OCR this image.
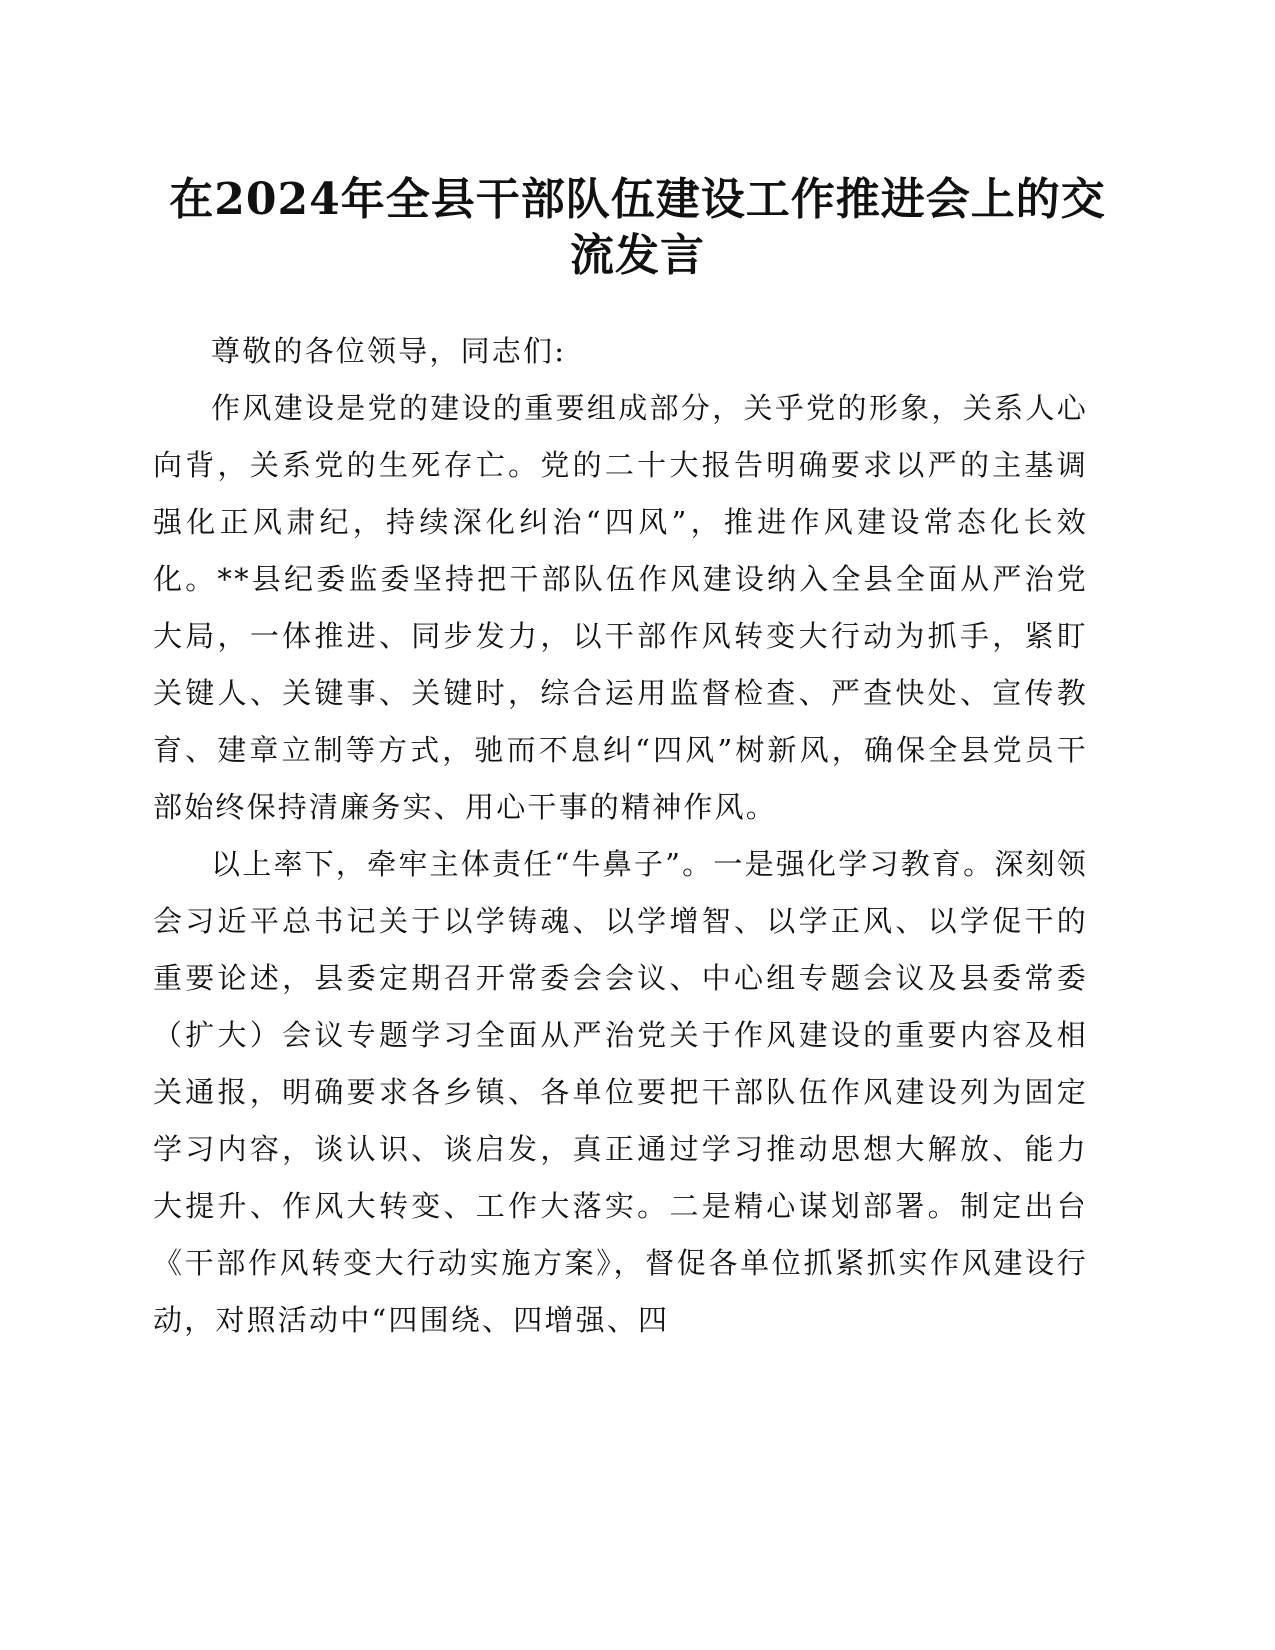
在2024年全县干部队伍建设工作推进会上的交流发言

尊敬的各位领导，同志们:

作风建设是党的建设的重要组成部分，关乎党的形象，关系人心向背，关系党的生死存亡。党的二十大报告明确要求以严的主基调强化正风肃纪，持续深化纠治“四风”，推进作风建设常态化长效化。**县纪委监委坚持把干部队伍作风建设纳入全县全面从严治党大局，一体推进、同步发力，以干部作风转变大行动为抓手，紧盯关键人、关键事、关键时，综合运用监督检查、严查快处、宣传教育、建章立制等方式，驰而不息纠“四风”树新风，确保全县党员干部始终保持清廉务实、用心干事的精神作风。

以上率下，牵牢主体责任“牛鼻子”。一是强化学习教育。深刻领会习近平总书记关于以学铸魂、以学增智、以学正风、以学促干的重要论述，县委定期召开常委会会议、中心组专题会议及县委常委（扩大）会议专题学习全面从严治党关于作风建设的重要内容及相关通报，明确要求各乡镇、各单位要把干部队伍作风建设列为固定学习内容，谈认识、谈启发，真正通过学习推动思想大解放、能力大提升、作风大转变、工作大落实。二是精心谋划部署。制定出台《干部作风转变大行动实施方案》，督促各单位抓紧抓实作风建设行动，对照活动中“四围绕、四增强、四
